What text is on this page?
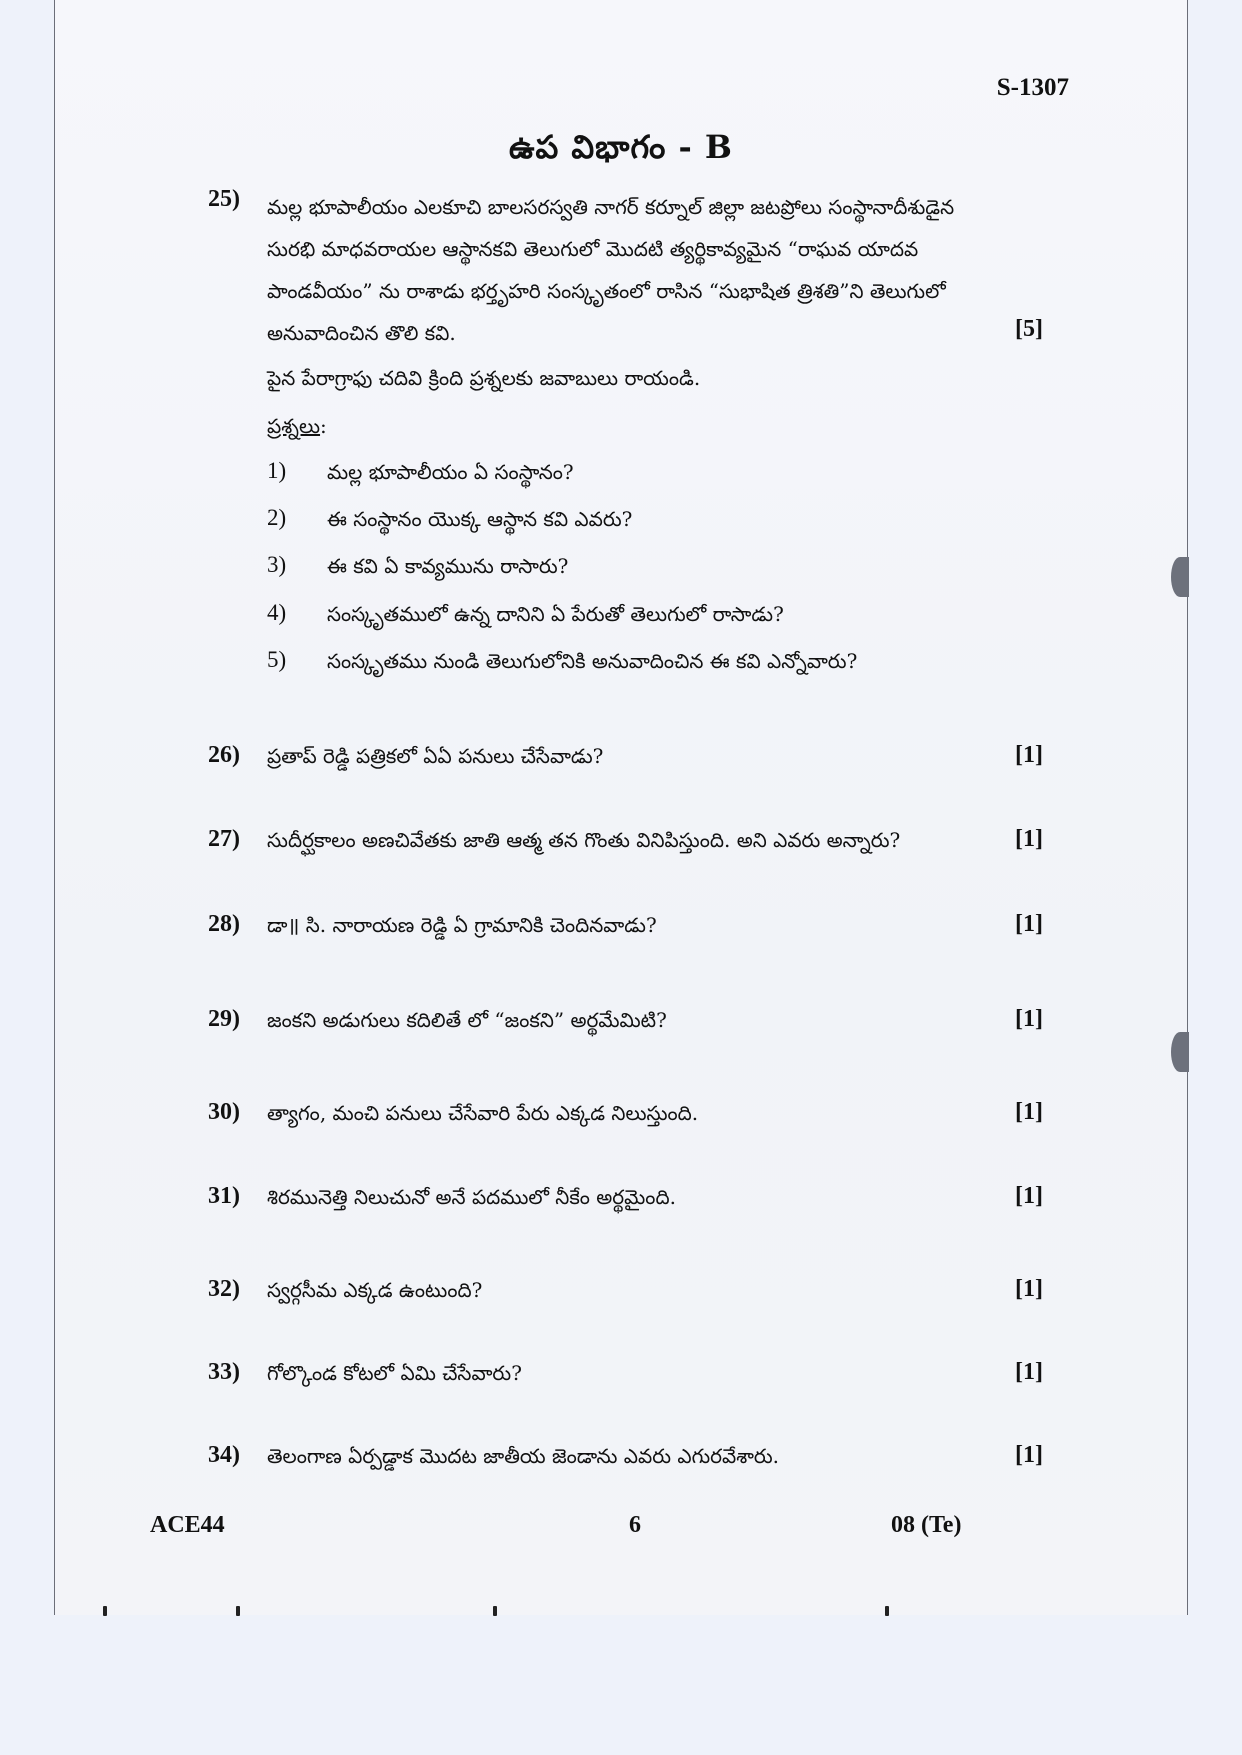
S-1307
ఉప విభాగం - B
25)	మల్ల భూపాలీయం ఎలకూచి బాలసరస్వతి నాగర్ కర్నూల్ జిల్లా జటప్రోలు సంస్థానాదీశుడైన
సురభి మాధవరాయల ఆస్థానకవి తెలుగులో మొదటి త్యర్థికావ్యమైన “రాఘవ యాదవ
పాండవీయం” ను రాశాడు భర్తృహరి సంస్కృతంలో రాసిన “సుభాషిత త్రిశతి”ని తెలుగులో
అనువాదించిన తొలి కవి.	[5]
పైన పేరాగ్రాఫు చదివి క్రింది ప్రశ్నలకు జవాబులు రాయండి.
ప్రశ్నలు:
1) మల్ల భూపాలీయం ఏ సంస్థానం?
2) ఈ సంస్థానం యొక్క ఆస్థాన కవి ఎవరు?
3) ఈ కవి ఏ కావ్యమును రాసారు?
4) సంస్కృతములో ఉన్న దానిని ఏ పేరుతో తెలుగులో రాసాడు?
5) సంస్కృతము నుండి తెలుగులోనికి అనువాదించిన ఈ కవి ఎన్నోవారు?
26)	ప్రతాప్ రెడ్డి పత్రికలో ఏఏ పనులు చేసేవాడు?	[1]
27)	సుదీర్ఘకాలం అణచివేతకు జాతి ఆత్మ తన గొంతు వినిపిస్తుంది. అని ఎవరు అన్నారు?	[1]
28)	డా॥ సి. నారాయణ రెడ్డి ఏ గ్రామానికి చెందినవాడు?	[1]
29)	జంకని అడుగులు కదిలితే లో “జంకని” అర్థమేమిటి?	[1]
30)	త్యాగం, మంచి పనులు చేసేవారి పేరు ఎక్కడ నిలుస్తుంది.	[1]
31)	శిరమునెత్తి నిలుచునో అనే పదములో నీకేం అర్థమైంది.	[1]
32)	స్వర్గసీమ ఎక్కడ ఉంటుంది?	[1]
33)	గోల్కొండ కోటలో ఏమి చేసేవారు?	[1]
34)	తెలంగాణ ఏర్పడ్డాక మొదట జాతీయ జెండాను ఎవరు ఎగురవేశారు.	[1]
ACE44	6	08 (Te)
